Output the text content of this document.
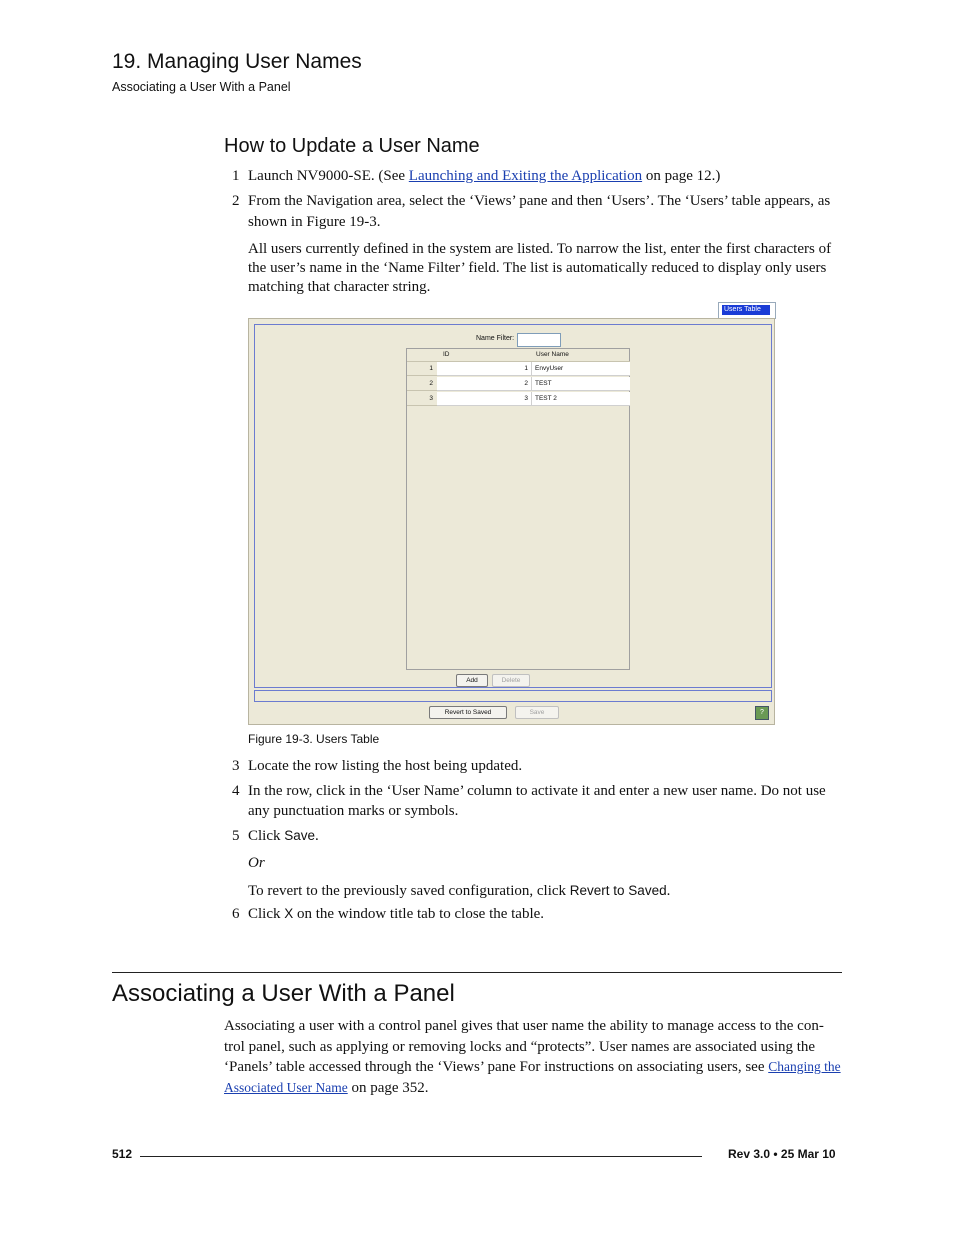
19. Managing User Names
Associating a User With a Panel
How to Update a User Name
1 Launch NV9000-SE. (See Launching and Exiting the Application on page 12.)
2 From the Navigation area, select the ‘Views’ pane and then ‘Users’. The ‘Users’ table appears, as shown in Figure 19-3.
All users currently defined in the system are listed. To narrow the list, enter the first characters of the user’s name in the ‘Name Filter’ field. The list is automatically reduced to display only users matching that character string.
Users Table
Name Filter:
ID	User Name
1	1	EnvyUser
2	2	TEST
3	3	TEST 2
Add	Delete
Revert to Saved	Save	?
Figure 19-3. Users Table
3 Locate the row listing the host being updated.
4 In the row, click in the ‘User Name’ column to activate it and enter a new user name. Do not use any punctuation marks or symbols.
5 Click Save.
Or
To revert to the previously saved configuration, click Revert to Saved.
6 Click X on the window title tab to close the table.
Associating a User With a Panel
Associating a user with a control panel gives that user name the ability to manage access to the con-trol panel, such as applying or removing locks and “protects”. User names are associated using the ‘Panels’ table accessed through the ‘Views’ pane For instructions on associating users, see Changing the Associated User Name on page 352.
512	Rev 3.0 • 25 Mar 10
